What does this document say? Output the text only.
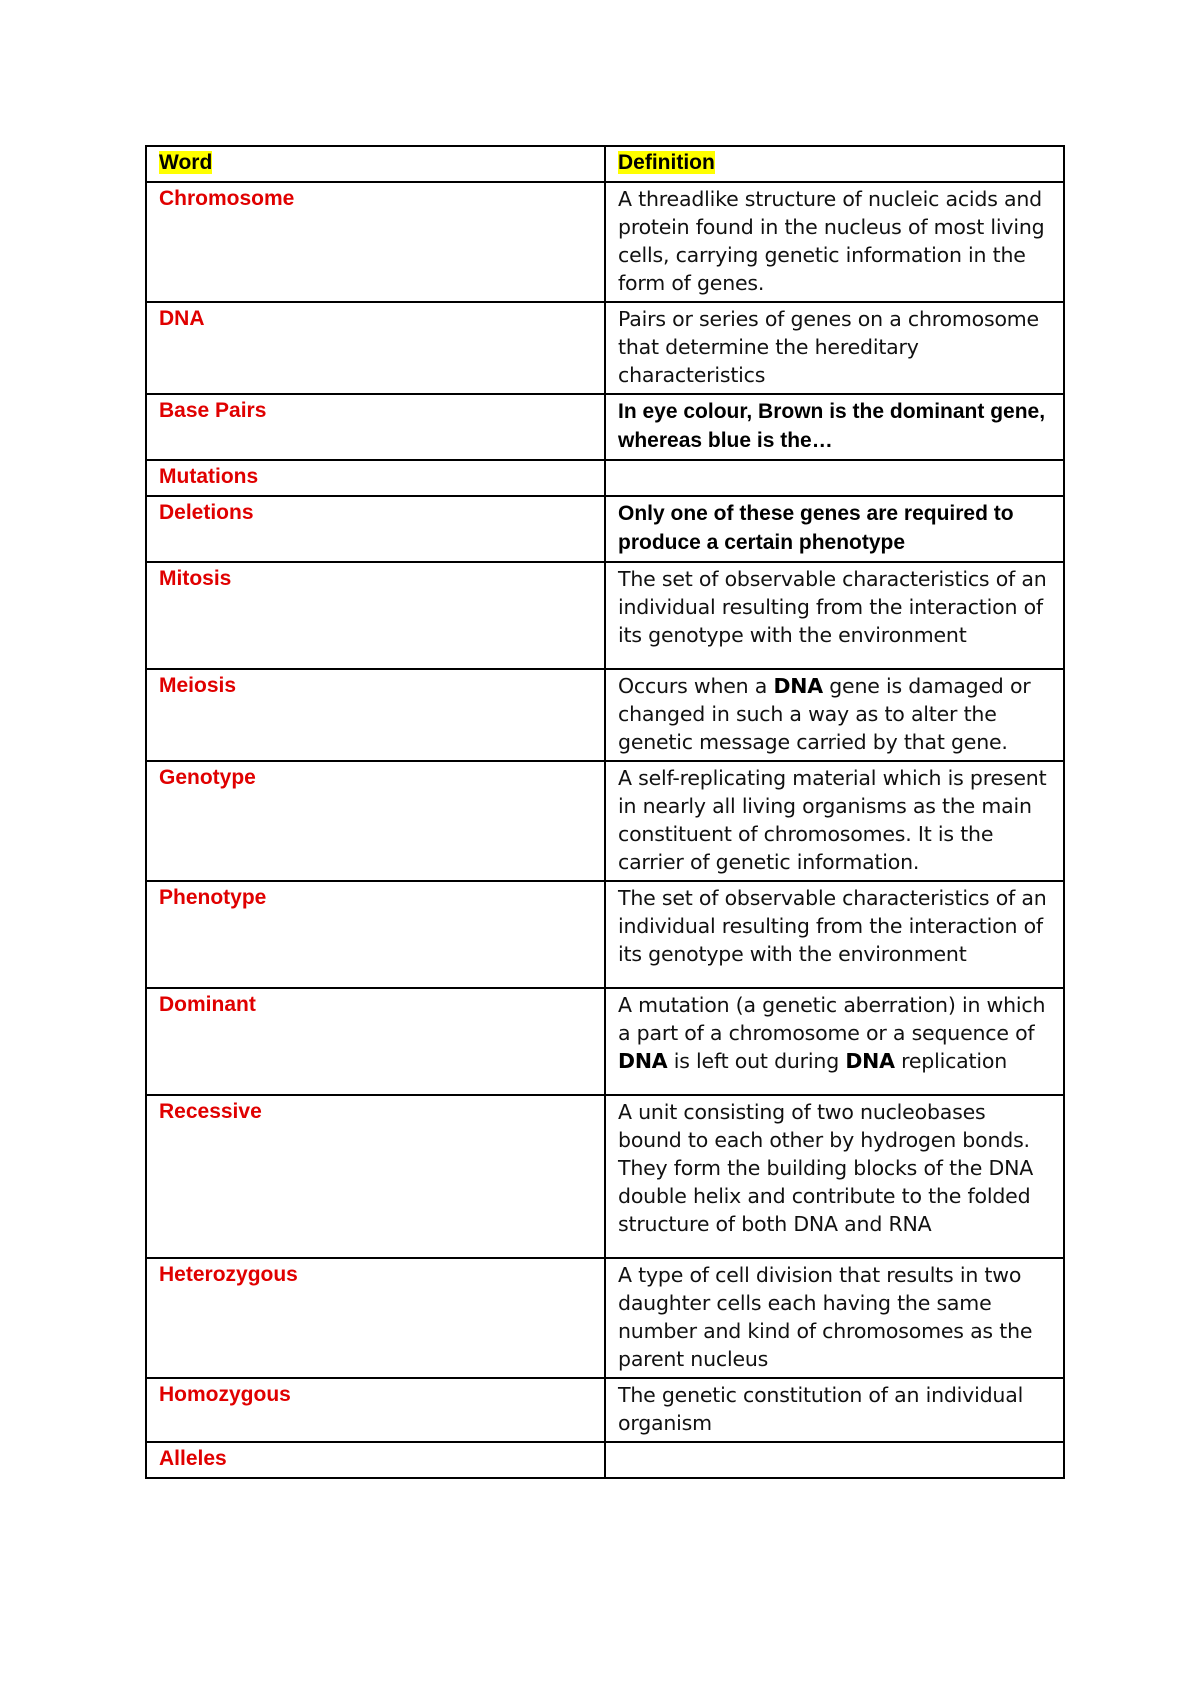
Word	Definition

Chromosome	A threadlike structure of nucleic acids and protein found in the nucleus of most living cells, carrying genetic information in the form of genes.

DNA	Pairs or series of genes on a chromosome that determine the hereditary characteristics

Base Pairs	In eye colour, Brown is the dominant gene, whereas blue is the…

Mutations	

Deletions	Only one of these genes are required to produce a certain phenotype

Mitosis	The set of observable characteristics of an individual resulting from the interaction of its genotype with the environment

Meiosis	Occurs when a DNA gene is damaged or changed in such a way as to alter the genetic message carried by that gene.

Genotype	A self-replicating material which is present in nearly all living organisms as the main constituent of chromosomes. It is the carrier of genetic information.

Phenotype	The set of observable characteristics of an individual resulting from the interaction of its genotype with the environment

Dominant	A mutation (a genetic aberration) in which a part of a chromosome or a sequence of DNA is left out during DNA replication

Recessive	A unit consisting of two nucleobases bound to each other by hydrogen bonds. They form the building blocks of the DNA double helix and contribute to the folded structure of both DNA and RNA

Heterozygous	A type of cell division that results in two daughter cells each having the same number and kind of chromosomes as the parent nucleus

Homozygous	The genetic constitution of an individual organism

Alleles	
